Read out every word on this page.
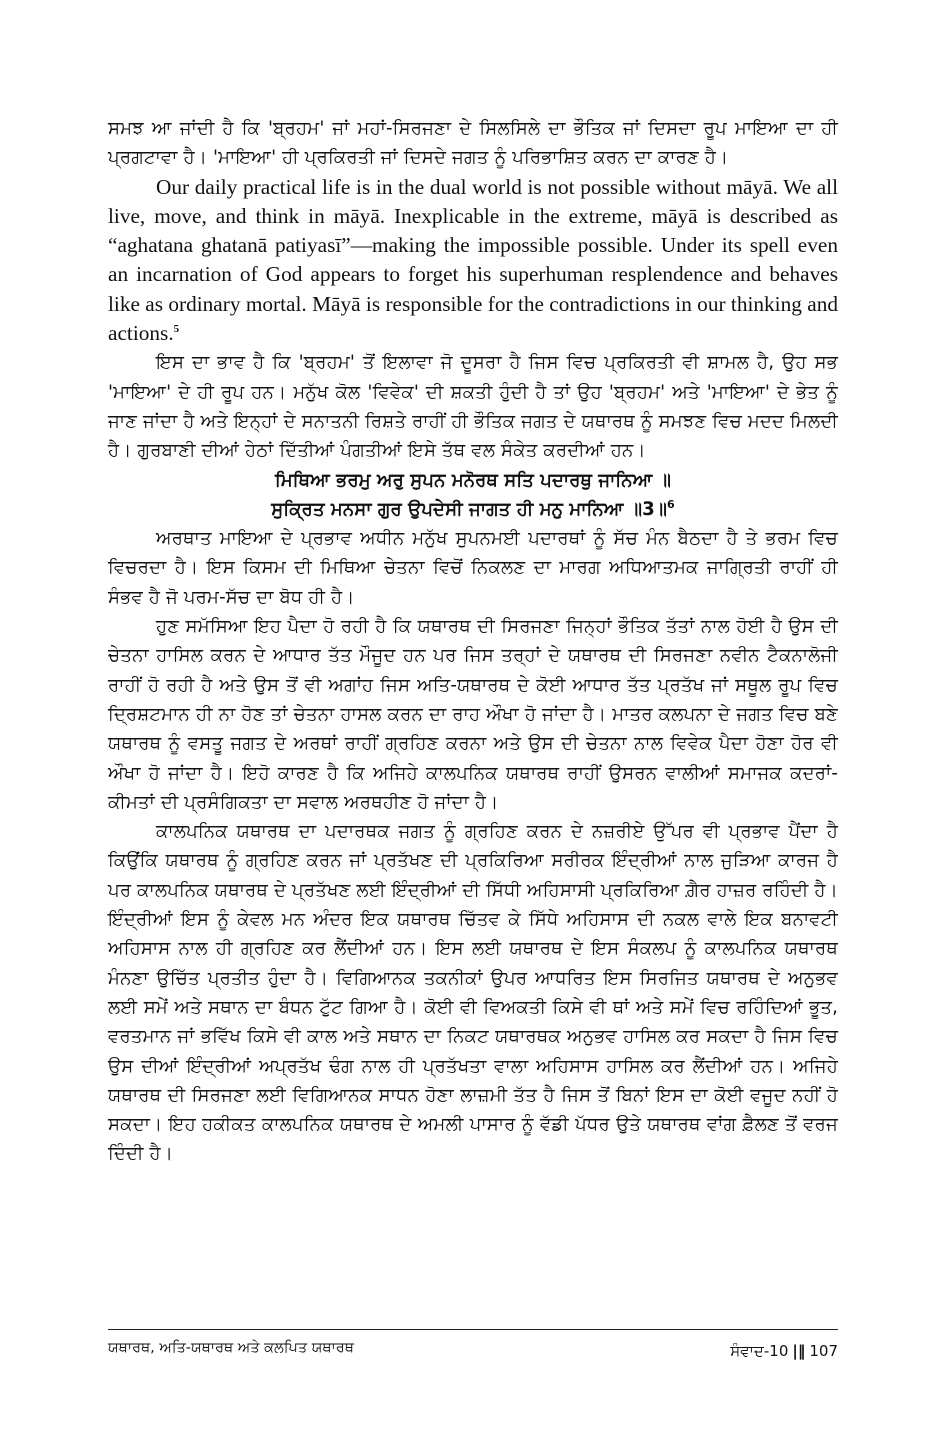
ਸਮਝ ਆ ਜਾਂਦੀ ਹੈ ਕਿ 'ਬ੍ਰਹਮ' ਜਾਂ ਮਹਾਂ-ਸਿਰਜਣਾ ਦੇ ਸਿਲਸਿਲੇ ਦਾ ਭੌਤਿਕ ਜਾਂ ਦਿਸਦਾ ਰੂਪ ਮਾਇਆ ਦਾ ਹੀ ਪ੍ਰਗਟਾਵਾ ਹੈ। 'ਮਾਇਆ' ਹੀ ਪ੍ਰਕਿਰਤੀ ਜਾਂ ਦਿਸਦੇ ਜਗਤ ਨੂੰ ਪਰਿਭਾਸ਼ਿਤ ਕਰਨ ਦਾ ਕਾਰਣ ਹੈ।

Our daily practical life is in the dual world is not possible without māyā. We all live, move, and think in māyā. Inexplicable in the extreme, māyā is described as “aghatana ghatanā patiyasī”—making the impossible possible. Under its spell even an incarnation of God appears to forget his superhuman resplendence and behaves like as ordinary mortal. Māyā is responsible for the contradictions in our thinking and actions.$^5$

ਇਸ ਦਾ ਭਾਵ ਹੈ ਕਿ 'ਬ੍ਰਹਮ' ਤੋਂ ਇਲਾਵਾ ਜੋ ਦੂਸਰਾ ਹੈ ਜਿਸ ਵਿਚ ਪ੍ਰਕਿਰਤੀ ਵੀ ਸ਼ਾਮਲ ਹੈ, ਉਹ ਸਭ 'ਮਾਇਆ' ਦੇ ਹੀ ਰੂਪ ਹਨ। ਮਨੁੱਖ ਕੋਲ 'ਵਿਵੇਕ' ਦੀ ਸ਼ਕਤੀ ਹੁੰਦੀ ਹੈ ਤਾਂ ਉਹ 'ਬ੍ਰਹਮ' ਅਤੇ 'ਮਾਇਆ' ਦੇ ਭੇਤ ਨੂੰ ਜਾਣ ਜਾਂਦਾ ਹੈ ਅਤੇ ਇਨ੍ਹਾਂ ਦੇ ਸਨਾਤਨੀ ਰਿਸ਼ਤੇ ਰਾਹੀਂ ਹੀ ਭੌਤਿਕ ਜਗਤ ਦੇ ਯਥਾਰਥ ਨੂੰ ਸਮਝਣ ਵਿਚ ਮਦਦ ਮਿਲਦੀ ਹੈ। ਗੁਰਬਾਣੀ ਦੀਆਂ ਹੇਠਾਂ ਦਿੱਤੀਆਂ ਪੰਗਤੀਆਂ ਇਸੇ ਤੱਥ ਵਲ ਸੰਕੇਤ ਕਰਦੀਆਂ ਹਨ।

ਮਿਥਿਆ ਭਰਮੁ ਅਰੁ ਸੁਪਨ ਮਨੋਰਥ ਸਤਿ ਪਦਾਰਥੁ ਜਾਨਿਆ ॥

ਸੁਕ੍ਰਿਤ ਮਨਸਾ ਗੁਰ ਉਪਦੇਸੀ ਜਾਗਤ ਹੀ ਮਨੁ ਮਾਨਿਆ ॥3॥$^6$

ਅਰਥਾਤ ਮਾਇਆ ਦੇ ਪ੍ਰਭਾਵ ਅਧੀਨ ਮਨੁੱਖ ਸੁਪਨਮਈ ਪਦਾਰਥਾਂ ਨੂੰ ਸੱਚ ਮੰਨ ਬੈਠਦਾ ਹੈ ਤੇ ਭਰਮ ਵਿਚ ਵਿਚਰਦਾ ਹੈ। ਇਸ ਕਿਸਮ ਦੀ ਮਿਥਿਆ ਚੇਤਨਾ ਵਿਚੋਂ ਨਿਕਲਣ ਦਾ ਮਾਰਗ ਅਧਿਆਤਮਕ ਜਾਗ੍ਰਿਤੀ ਰਾਹੀਂ ਹੀ ਸੰਭਵ ਹੈ ਜੋ ਪਰਮ-ਸੱਚ ਦਾ ਬੋਧ ਹੀ ਹੈ।

ਹੁਣ ਸਮੱਸਿਆ ਇਹ ਪੈਦਾ ਹੋ ਰਹੀ ਹੈ ਕਿ ਯਥਾਰਥ ਦੀ ਸਿਰਜਣਾ ਜਿਨ੍ਹਾਂ ਭੌਤਿਕ ਤੱਤਾਂ ਨਾਲ ਹੋਈ ਹੈ ਉਸ ਦੀ ਚੇਤਨਾ ਹਾਸਿਲ ਕਰਨ ਦੇ ਆਧਾਰ ਤੱਤ ਮੌਜੂਦ ਹਨ ਪਰ ਜਿਸ ਤਰ੍ਹਾਂ ਦੇ ਯਥਾਰਥ ਦੀ ਸਿਰਜਣਾ ਨਵੀਨ ਟੈਕਨਾਲੋਜੀ ਰਾਹੀਂ ਹੋ ਰਹੀ ਹੈ ਅਤੇ ਉਸ ਤੋਂ ਵੀ ਅਗਾਂਹ ਜਿਸ ਅਤਿ-ਯਥਾਰਥ ਦੇ ਕੋਈ ਆਧਾਰ ਤੱਤ ਪ੍ਰਤੱਖ ਜਾਂ ਸਥੂਲ ਰੂਪ ਵਿਚ ਦ੍ਰਿਸ਼ਟਮਾਨ ਹੀ ਨਾ ਹੋਣ ਤਾਂ ਚੇਤਨਾ ਹਾਸਲ ਕਰਨ ਦਾ ਰਾਹ ਔਖਾ ਹੋ ਜਾਂਦਾ ਹੈ। ਮਾਤਰ ਕਲਪਨਾ ਦੇ ਜਗਤ ਵਿਚ ਬਣੇ ਯਥਾਰਥ ਨੂੰ ਵਸਤੂ ਜਗਤ ਦੇ ਅਰਥਾਂ ਰਾਹੀਂ ਗ੍ਰਹਿਣ ਕਰਨਾ ਅਤੇ ਉਸ ਦੀ ਚੇਤਨਾ ਨਾਲ ਵਿਵੇਕ ਪੈਦਾ ਹੋਣਾ ਹੋਰ ਵੀ ਔਖਾ ਹੋ ਜਾਂਦਾ ਹੈ। ਇਹੋ ਕਾਰਣ ਹੈ ਕਿ ਅਜਿਹੇ ਕਾਲਪਨਿਕ ਯਥਾਰਥ ਰਾਹੀਂ ਉਸਰਨ ਵਾਲੀਆਂ ਸਮਾਜਕ ਕਦਰਾਂ-ਕੀਮਤਾਂ ਦੀ ਪ੍ਰਸੰਗਿਕਤਾ ਦਾ ਸਵਾਲ ਅਰਥਹੀਣ ਹੋ ਜਾਂਦਾ ਹੈ।

ਕਾਲਪਨਿਕ ਯਥਾਰਥ ਦਾ ਪਦਾਰਥਕ ਜਗਤ ਨੂੰ ਗ੍ਰਹਿਣ ਕਰਨ ਦੇ ਨਜ਼ਰੀਏ ਉੱਪਰ ਵੀ ਪ੍ਰਭਾਵ ਪੈਂਦਾ ਹੈ ਕਿਉਂਕਿ ਯਥਾਰਥ ਨੂੰ ਗ੍ਰਹਿਣ ਕਰਨ ਜਾਂ ਪ੍ਰਤੱਖਣ ਦੀ ਪ੍ਰਕਿਰਿਆ ਸਰੀਰਕ ਇੰਦ੍ਰੀਆਂ ਨਾਲ ਜੁੜਿਆ ਕਾਰਜ ਹੈ ਪਰ ਕਾਲਪਨਿਕ ਯਥਾਰਥ ਦੇ ਪ੍ਰਤੱਖਣ ਲਈ ਇੰਦ੍ਰੀਆਂ ਦੀ ਸਿੱਧੀ ਅਹਿਸਾਸੀ ਪ੍ਰਕਿਰਿਆ ਗ਼ੈਰ ਹਾਜ਼ਰ ਰਹਿੰਦੀ ਹੈ। ਇੰਦ੍ਰੀਆਂ ਇਸ ਨੂੰ ਕੇਵਲ ਮਨ ਅੰਦਰ ਇਕ ਯਥਾਰਥ ਚਿੱਤਵ ਕੇ ਸਿੱਧੇ ਅਹਿਸਾਸ ਦੀ ਨਕਲ ਵਾਲੇ ਇਕ ਬਨਾਵਟੀ ਅਹਿਸਾਸ ਨਾਲ ਹੀ ਗ੍ਰਹਿਣ ਕਰ ਲੈਂਦੀਆਂ ਹਨ। ਇਸ ਲਈ ਯਥਾਰਥ ਦੇ ਇਸ ਸੰਕਲਪ ਨੂੰ ਕਾਲਪਨਿਕ ਯਥਾਰਥ ਮੰਨਣਾ ਉਚਿੱਤ ਪ੍ਰਤੀਤ ਹੁੰਦਾ ਹੈ। ਵਿਗਿਆਨਕ ਤਕਨੀਕਾਂ ਉਪਰ ਆਧਰਿਤ ਇਸ ਸਿਰਜਿਤ ਯਥਾਰਥ ਦੇ ਅਨੁਭਵ ਲਈ ਸਮੇਂ ਅਤੇ ਸਥਾਨ ਦਾ ਬੰਧਨ ਟੁੱਟ ਗਿਆ ਹੈ। ਕੋਈ ਵੀ ਵਿਅਕਤੀ ਕਿਸੇ ਵੀ ਥਾਂ ਅਤੇ ਸਮੇਂ ਵਿਚ ਰਹਿੰਦਿਆਂ ਭੂਤ, ਵਰਤਮਾਨ ਜਾਂ ਭਵਿੱਖ ਕਿਸੇ ਵੀ ਕਾਲ ਅਤੇ ਸਥਾਨ ਦਾ ਨਿਕਟ ਯਥਾਰਥਕ ਅਨੁਭਵ ਹਾਸਿਲ ਕਰ ਸਕਦਾ ਹੈ ਜਿਸ ਵਿਚ ਉਸ ਦੀਆਂ ਇੰਦ੍ਰੀਆਂ ਅਪ੍ਰਤੱਖ ਢੰਗ ਨਾਲ ਹੀ ਪ੍ਰਤੱਖਤਾ ਵਾਲਾ ਅਹਿਸਾਸ ਹਾਸਿਲ ਕਰ ਲੈਂਦੀਆਂ ਹਨ। ਅਜਿਹੇ ਯਥਾਰਥ ਦੀ ਸਿਰਜਣਾ ਲਈ ਵਿਗਿਆਨਕ ਸਾਧਨ ਹੋਣਾ ਲਾਜ਼ਮੀ ਤੱਤ ਹੈ ਜਿਸ ਤੋਂ ਬਿਨਾਂ ਇਸ ਦਾ ਕੋਈ ਵਜੂਦ ਨਹੀਂ ਹੋ ਸਕਦਾ। ਇਹ ਹਕੀਕਤ ਕਾਲਪਨਿਕ ਯਥਾਰਥ ਦੇ ਅਮਲੀ ਪਾਸਾਰ ਨੂੰ ਵੱਡੀ ਪੱਧਰ ਉਤੇ ਯਥਾਰਥ ਵਾਂਗ ਫ਼ੈਲਣ ਤੋਂ ਵਰਜ ਦਿੰਦੀ ਹੈ।

ਯਥਾਰਥ, ਅਤਿ-ਯਥਾਰਥ ਅਤੇ ਕਲਪਿਤ ਯਥਾਰਥ	ਸੰਵਾਦ-10 |‖ 107
